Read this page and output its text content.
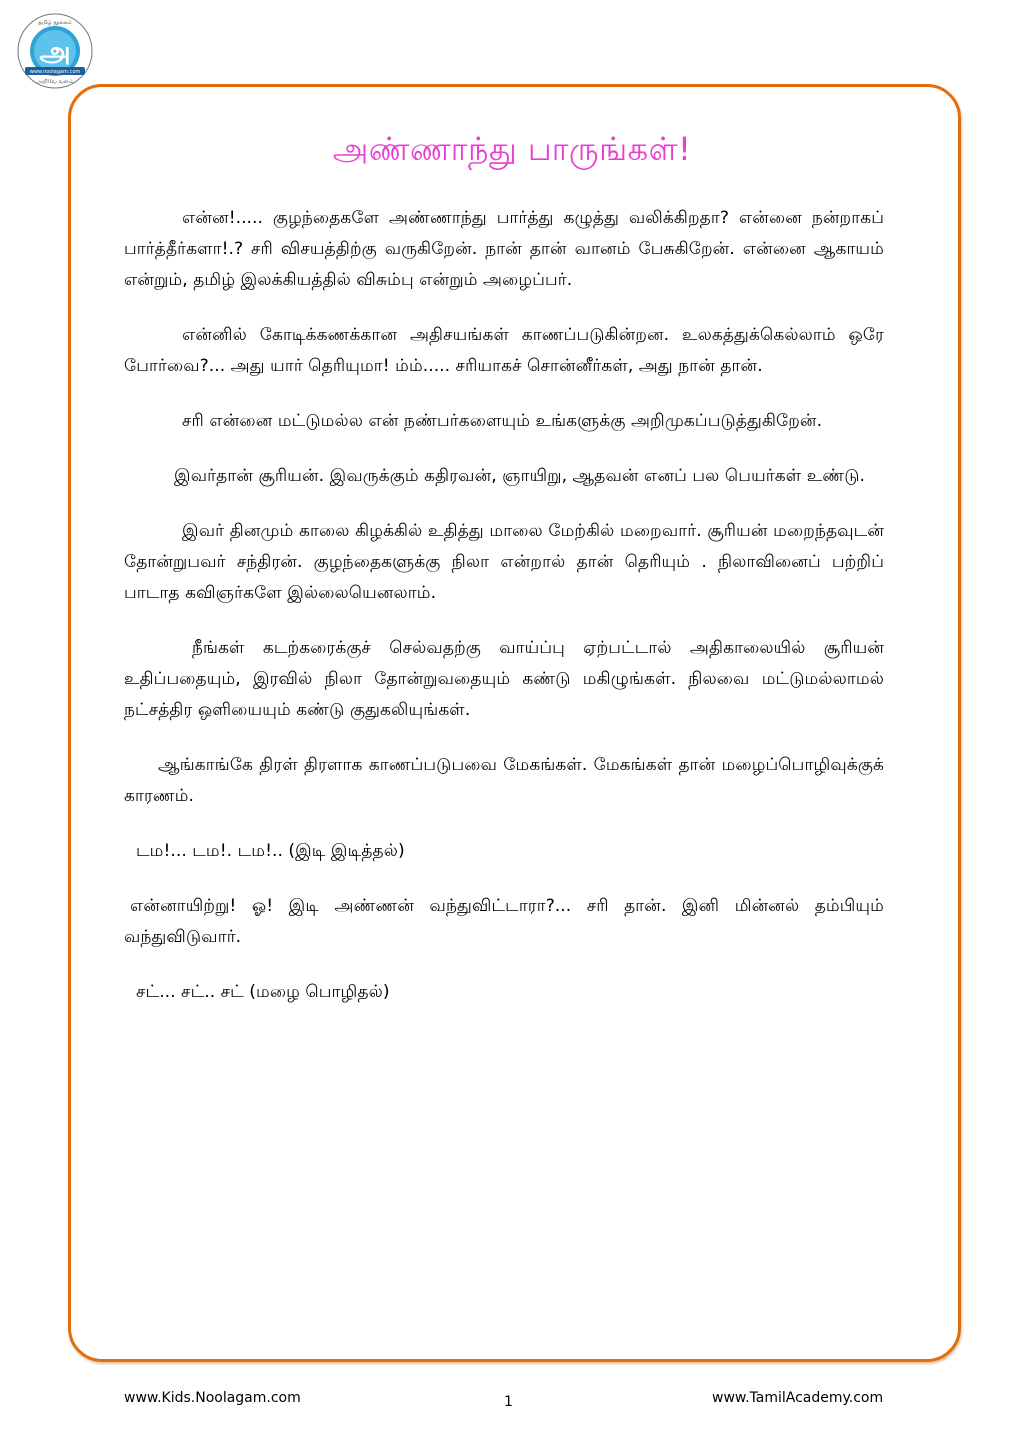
அ
www.noolagam.com
தமிழ் நூலகம்
அறிவே வளம்
அண்ணாந்து பாருங்கள்!

என்ன!..... குழந்தைகளே அண்ணாந்து பார்த்து கழுத்து வலிக்கிறதா? என்னை நன்றாகப் பார்த்தீர்களா!.? சரி விசயத்திற்கு வருகிறேன். நான் தான் வானம் பேசுகிறேன். என்னை ஆகாயம் என்றும், தமிழ் இலக்கியத்தில் விசும்பு என்றும் அழைப்பர்.

என்னில் கோடிக்கணக்கான அதிசயங்கள் காணப்படுகின்றன. உலகத்துக்கெல்லாம் ஒரே போர்வை?... அது யார் தெரியுமா! ம்ம்..... சரியாகச் சொன்னீர்கள், அது நான் தான்.

சரி என்னை மட்டுமல்ல என் நண்பர்களையும் உங்களுக்கு அறிமுகப்படுத்துகிறேன்.

இவர்தான் சூரியன். இவருக்கும் கதிரவன், ஞாயிறு, ஆதவன் எனப் பல பெயர்கள் உண்டு.

இவர் தினமும் காலை கிழக்கில் உதித்து மாலை மேற்கில் மறைவார். சூரியன் மறைந்தவுடன் தோன்றுபவர் சந்திரன். குழந்தைகளுக்கு நிலா என்றால் தான் தெரியும் . நிலாவினைப் பற்றிப் பாடாத கவிஞர்களே இல்லையெனலாம்.

நீங்கள் கடற்கரைக்குச் செல்வதற்கு வாய்ப்பு ஏற்பட்டால் அதிகாலையில் சூரியன் உதிப்பதையும், இரவில் நிலா தோன்றுவதையும் கண்டு மகிழுங்கள். நிலவை மட்டுமல்லாமல் நட்சத்திர ஒளியையும் கண்டு குதுகலியுங்கள்.

ஆங்காங்கே திரள் திரளாக காணப்படுபவை மேகங்கள். மேகங்கள் தான் மழைப்பொழிவுக்குக் காரணம்.

டம!... டம!. டம!.. (இடி இடித்தல்)

என்னாயிற்று! ஓ! இடி அண்ணன் வந்துவிட்டாரா?... சரி தான். இனி மின்னல் தம்பியும் வந்துவிடுவார்.

சட்... சட்.. சட் (மழை பொழிதல்)

www.Kids.Noolagam.com	1	www.TamilAcademy.com
